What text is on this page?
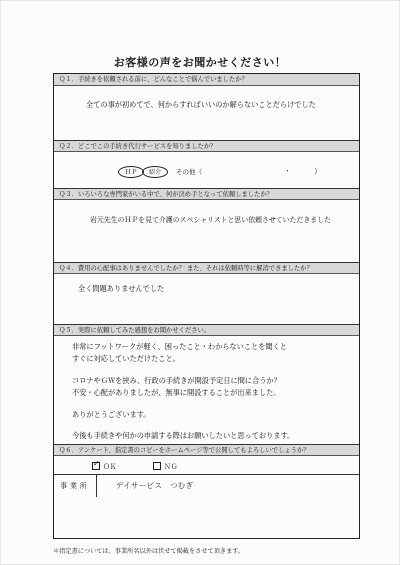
お客様の声をお聞かせください！
Ｑ１．手続きを依頼される前に、どんなことで悩んでいましたか？
全ての事が初めてで、何からすればいいのか解らないことだらけでした
Ｑ２．どこでこの手続き代行サービスを知りましたか？
ＨＰ	紹介	その他（	・	）
Ｑ３．いろいろな専門家がいる中で、何が決め手となって依頼しましたか？
岩元先生のＨＰを見て介護のスペシャリストと思い依頼させていただきました
Ｑ４．費用の心配事はありませんでしたか？ また、それは依頼時等に解消できましたか？
全く問題ありませんでした
Ｑ５．実際に依頼してみた感想をお聞かせください。
非常にフットワークが軽く、困ったこと・わからないことを聞くと
すぐに対応していただけたこと。
コロナやＧＷを挟み、行政の手続きが開設予定日に間に合うか？
不安・心配がありましたが、無事に開設することが出来ました。
ありがとうございます。
今後も手続きや何かの申請する際はお願いしたいと思っております。
Ｑ６．アンケート、指定書のコピーをホームページ等で公開してもよろしいでしょうか？
✓ＯＫ	ＮＧ
事業所	デイサービス　つむぎ
＊指定書については、事業所名以外は伏せて掲載をさせて頂きます。
